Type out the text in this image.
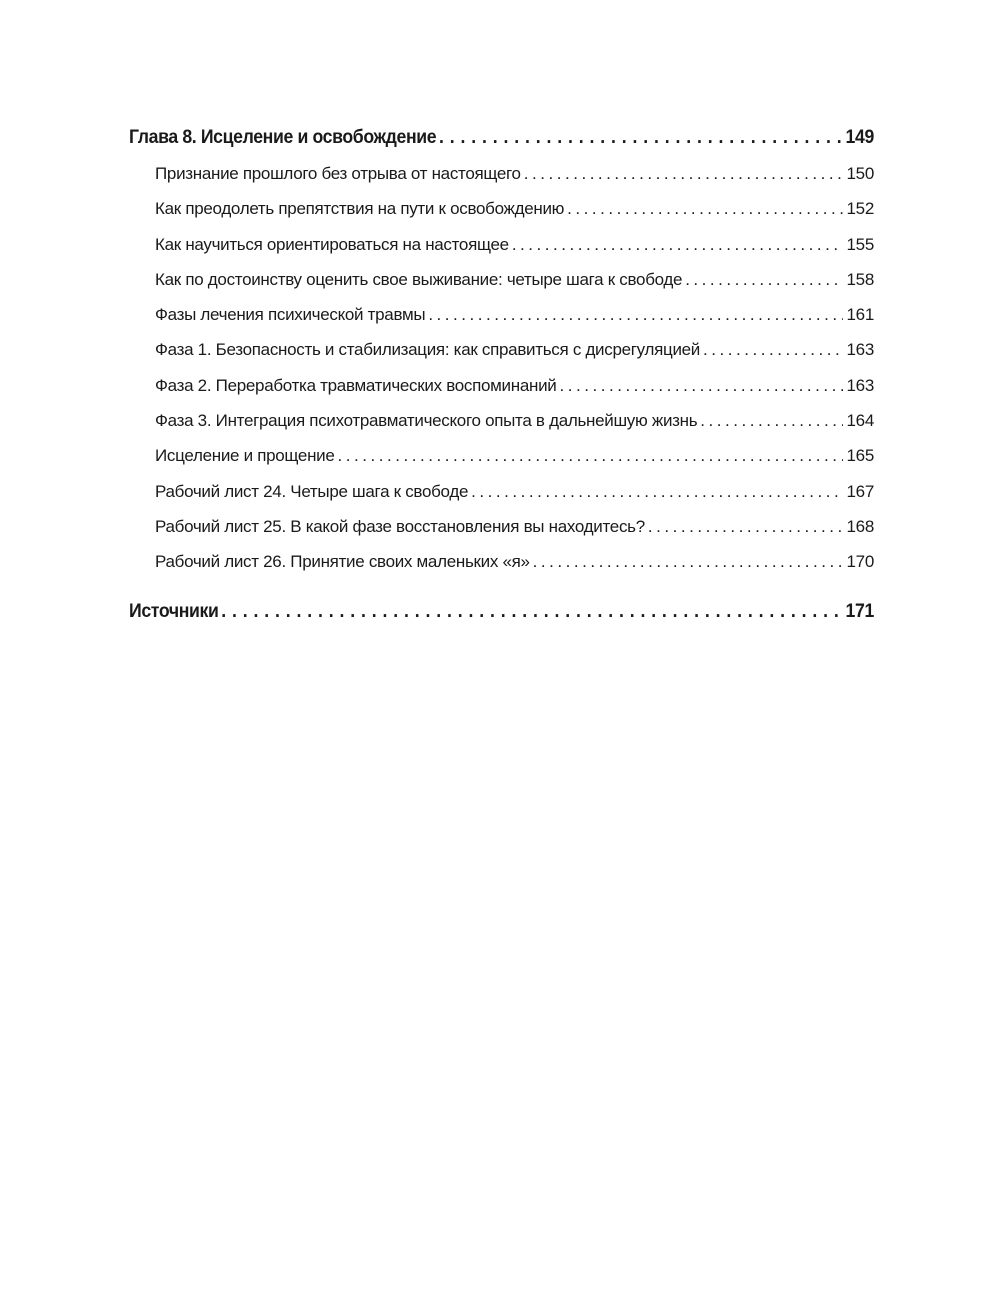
Глава 8. Исцеление и освобождение . . .	149
Признание прошлого без отрыва от настоящего . . .	150
Как преодолеть препятствия на пути к освобождению . . .	152
Как научиться ориентироваться на настоящее . . .	155
Как по достоинству оценить свое выживание: четыре шага к свободе . . .	158
Фазы лечения психической травмы . . .	161
Фаза 1. Безопасность и стабилизация: как справиться с дисрегуляцией . . .	163
Фаза 2. Переработка травматических воспоминаний . . .	163
Фаза 3. Интеграция психотравматического опыта в дальнейшую жизнь . . .	164
Исцеление и прощение . . .	165
Рабочий лист 24. Четыре шага к свободе . . .	167
Рабочий лист 25. В какой фазе восстановления вы находитесь? . . .	168
Рабочий лист 26. Принятие своих маленьких «я» . . .	170
Источники . . .	171
